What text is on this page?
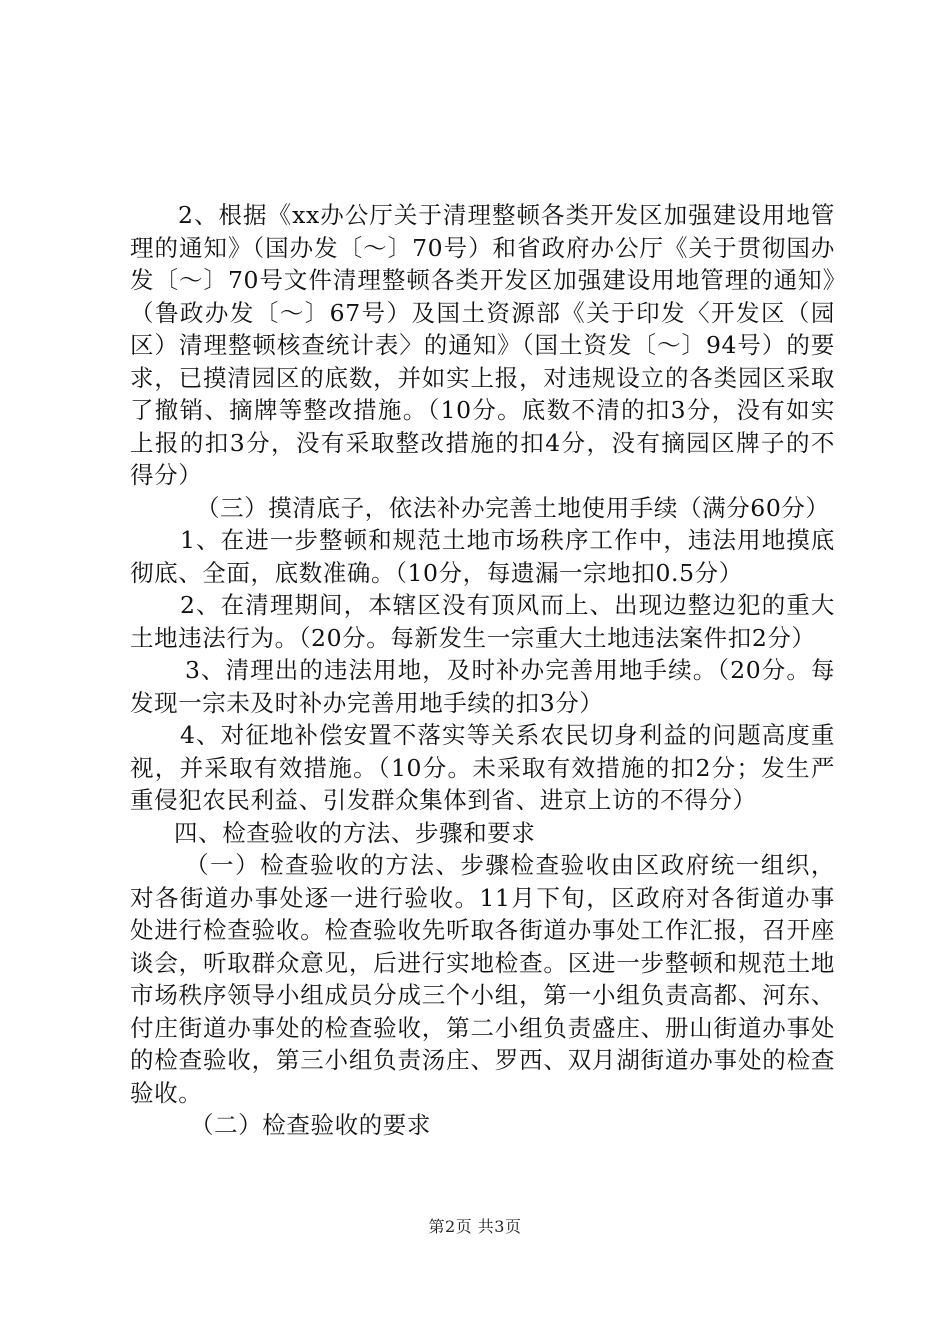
2、根据《xx办公厅关于清理整顿各类开发区加强建设用地管理的通知》（国办发〔～〕70号）和省政府办公厅《关于贯彻国办发〔～〕70号文件清理整顿各类开发区加强建设用地管理的通知》（鲁政办发〔～〕67号）及国土资源部《关于印发〈开发区（园区）清理整顿核查统计表〉的通知》（国土资发〔～〕94号）的要求，已摸清园区的底数，并如实上报，对违规设立的各类园区采取了撤销、摘牌等整改措施。（10分。底数不清的扣3分，没有如实上报的扣3分，没有采取整改措施的扣4分，没有摘园区牌子的不得分）

（三）摸清底子，依法补办完善土地使用手续（满分60分）

1、在进一步整顿和规范土地市场秩序工作中，违法用地摸底彻底、全面，底数准确。（10分，每遗漏一宗地扣0.5分）

2、在清理期间，本辖区没有顶风而上、出现边整边犯的重大土地违法行为。（20分。每新发生一宗重大土地违法案件扣2分）

3、清理出的违法用地，及时补办完善用地手续。（20分。每发现一宗未及时补办完善用地手续的扣3分）

4、对征地补偿安置不落实等关系农民切身利益的问题高度重视，并采取有效措施。（10分。未采取有效措施的扣2分；发生严重侵犯农民利益、引发群众集体到省、进京上访的不得分）

四、检查验收的方法、步骤和要求

（一）检查验收的方法、步骤检查验收由区政府统一组织，对各街道办事处逐一进行验收。11月下旬，区政府对各街道办事处进行检查验收。检查验收先听取各街道办事处工作汇报，召开座谈会，听取群众意见，后进行实地检查。区进一步整顿和规范土地市场秩序领导小组成员分成三个小组，第一小组负责高都、河东、付庄街道办事处的检查验收，第二小组负责盛庄、册山街道办事处的检查验收，第三小组负责汤庄、罗西、双月湖街道办事处的检查验收。

（二）检查验收的要求

第2页 共3页
